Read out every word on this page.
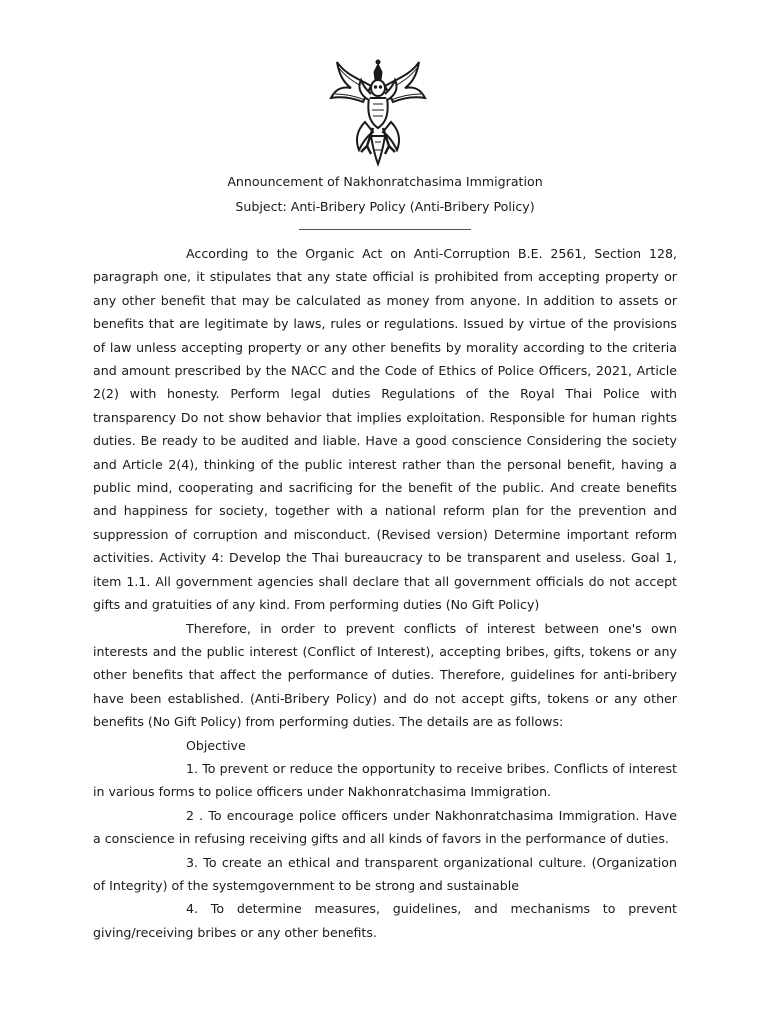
Announcement of Nakhonratchasima Immigration
Subject: Anti-Bribery Policy (Anti-Bribery Policy)

According to the Organic Act on Anti-Corruption B.E. 2561, Section 128, paragraph one, it stipulates that any state official is prohibited from accepting property or any other benefit that may be calculated as money from anyone. In addition to assets or benefits that are legitimate by laws, rules or regulations. Issued by virtue of the provisions of law unless accepting property or any other benefits by morality according to the criteria and amount prescribed by the NACC and the Code of Ethics of Police Officers, 2021, Article 2(2) with honesty. Perform legal duties Regulations of the Royal Thai Police with transparency Do not show behavior that implies exploitation. Responsible for human rights duties. Be ready to be audited and liable. Have a good conscience Considering the society and Article 2(4), thinking of the public interest rather than the personal benefit, having a public mind, cooperating and sacrificing for the benefit of the public. And create benefits and happiness for society, together with a national reform plan for the prevention and suppression of corruption and misconduct. (Revised version) Determine important reform activities. Activity 4: Develop the Thai bureaucracy to be transparent and useless. Goal 1, item 1.1. All government agencies shall declare that all government officials do not accept gifts and gratuities of any kind. From performing duties (No Gift Policy)

Therefore, in order to prevent conflicts of interest between one's own interests and the public interest (Conflict of Interest), accepting bribes, gifts, tokens or any other benefits that affect the performance of duties. Therefore, guidelines for anti-bribery have been established. (Anti-Bribery Policy) and do not accept gifts, tokens or any other benefits (No Gift Policy) from performing duties. The details are as follows:

Objective

1. To prevent or reduce the opportunity to receive bribes. Conflicts of interest in various forms to police officers under Nakhonratchasima Immigration.

2 . To encourage police officers under Nakhonratchasima Immigration. Have a conscience in refusing receiving gifts and all kinds of favors in the performance of duties.

3. To create an ethical and transparent organizational culture. (Organization of Integrity) of the systemgovernment to be strong and sustainable

4. To determine measures, guidelines, and mechanisms to prevent giving/receiving bribes or any other benefits.
